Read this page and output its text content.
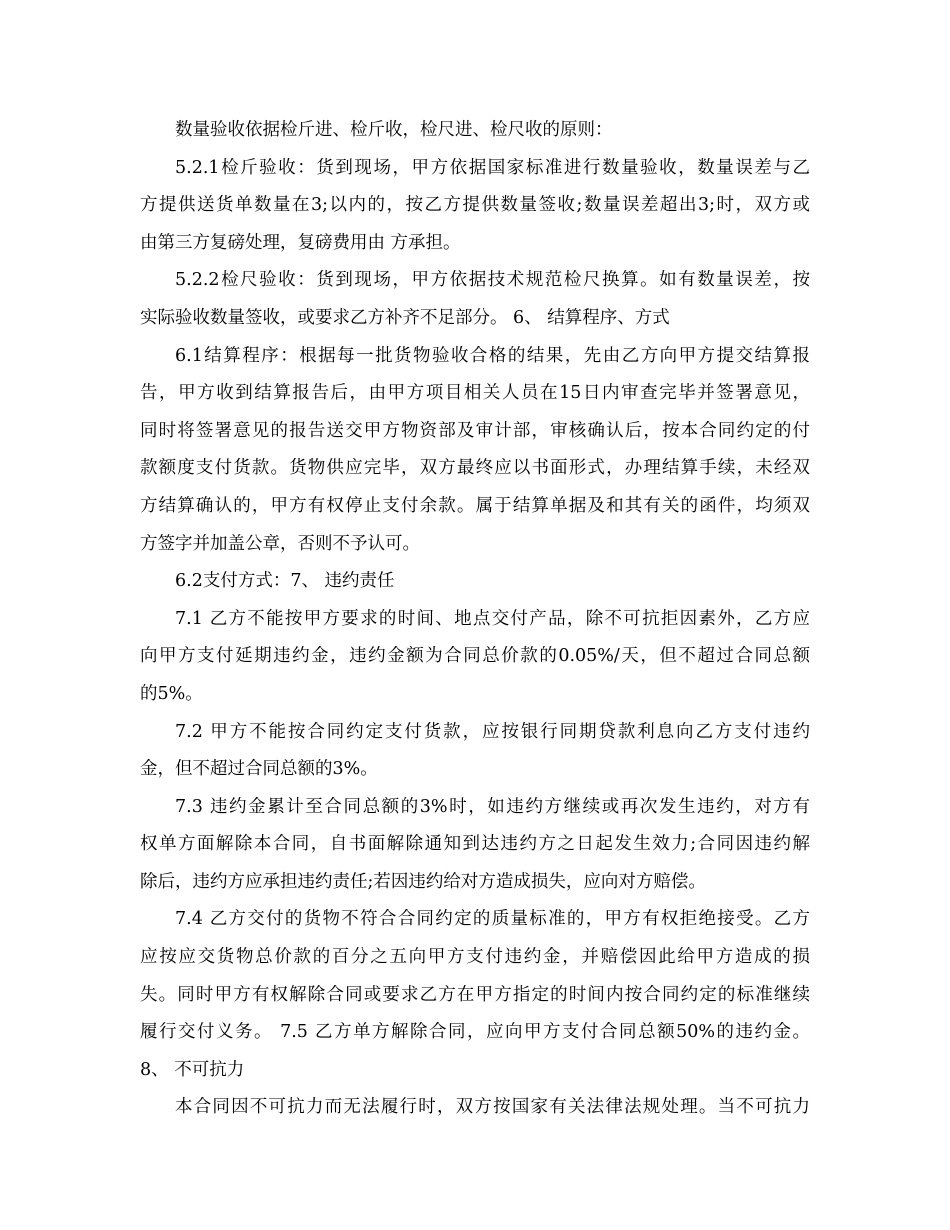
数量验收依据检斤进、检斤收，检尺进、检尺收的原则：
5.2.1检斤验收：货到现场，甲方依据国家标准进行数量验收，数量误差与乙
方提供送货单数量在3;以内的，按乙方提供数量签收;数量误差超出3;时，双方或
由第三方复磅处理，复磅费用由 方承担。
5.2.2检尺验收：货到现场，甲方依据技术规范检尺换算。如有数量误差，按
实际验收数量签收，或要求乙方补齐不足部分。 6、 结算程序、方式
6.1结算程序：根据每一批货物验收合格的结果，先由乙方向甲方提交结算报
告，甲方收到结算报告后，由甲方项目相关人员在15日内审查完毕并签署意见，
同时将签署意见的报告送交甲方物资部及审计部，审核确认后，按本合同约定的付
款额度支付货款。货物供应完毕，双方最终应以书面形式，办理结算手续，未经双
方结算确认的，甲方有权停止支付余款。属于结算单据及和其有关的函件，均须双
方签字并加盖公章，否则不予认可。
6.2支付方式：7、 违约责任
7.1 乙方不能按甲方要求的时间、地点交付产品，除不可抗拒因素外，乙方应
向甲方支付延期违约金，违约金额为合同总价款的0.05%/天，但不超过合同总额
的5%。
7.2 甲方不能按合同约定支付货款，应按银行同期贷款利息向乙方支付违约
金，但不超过合同总额的3%。
7.3 违约金累计至合同总额的3%时，如违约方继续或再次发生违约，对方有
权单方面解除本合同，自书面解除通知到达违约方之日起发生效力;合同因违约解
除后，违约方应承担违约责任;若因违约给对方造成损失，应向对方赔偿。
7.4 乙方交付的货物不符合合同约定的质量标准的，甲方有权拒绝接受。乙方
应按应交货物总价款的百分之五向甲方支付违约金，并赔偿因此给甲方造成的损
失。同时甲方有权解除合同或要求乙方在甲方指定的时间内按合同约定的标准继续
履行交付义务。 7.5 乙方单方解除合同，应向甲方支付合同总额50%的违约金。
8、 不可抗力
本合同因不可抗力而无法履行时，双方按国家有关法律法规处理。当不可抗力
